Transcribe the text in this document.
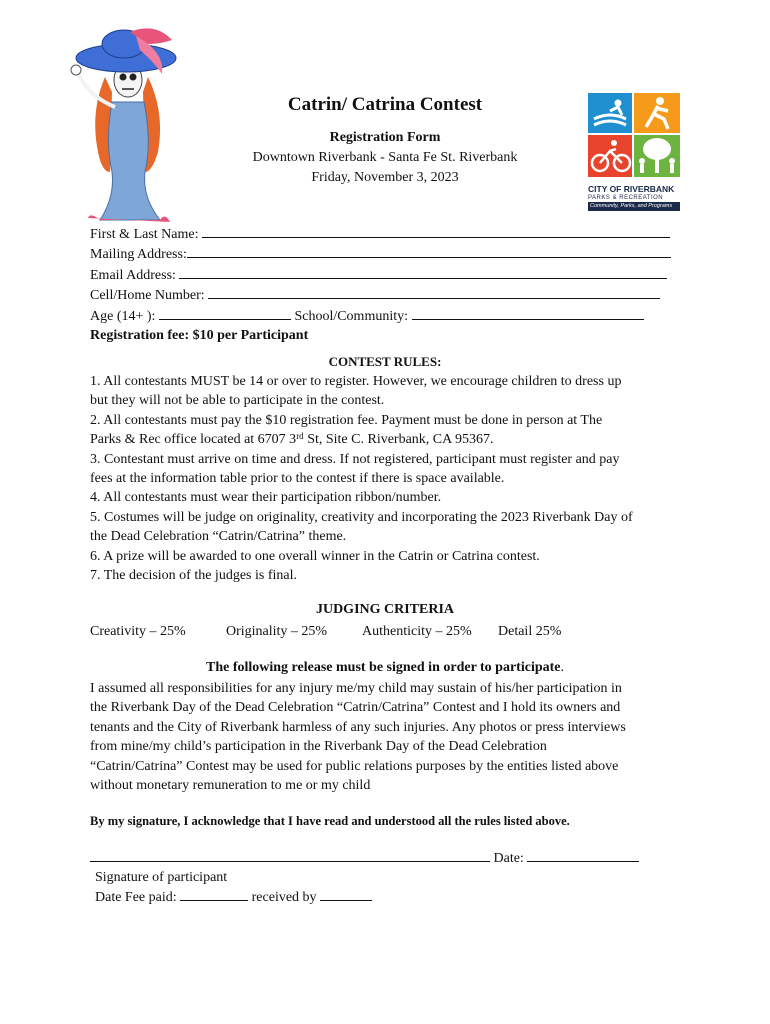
Catrin/ Catrina Contest
Registration Form
Downtown Riverbank - Santa Fe St. Riverbank
Friday, November 3, 2023
CITY OF RIVERBANK
PARKS & RECREATION
Community, Parks, and Programs
First & Last Name:
Mailing Address:
Email Address:
Cell/Home Number:
Age (14+ ):	School/Community:
Registration fee: $10 per Participant
CONTEST RULES:
1. All contestants MUST be 14 or over to register. However, we encourage children to dress up
but they will not be able to participate in the contest.
2. All contestants must pay the $10 registration fee. Payment must be done in person at The
Parks & Rec office located at 6707 3rd St, Site C. Riverbank, CA 95367.
3. Contestant must arrive on time and dress. If not registered, participant must register and pay
fees at the information table prior to the contest if there is space available.
4. All contestants must wear their participation ribbon/number.
5. Costumes will be judge on originality, creativity and incorporating the 2023 Riverbank Day of
the Dead Celebration “Catrin/Catrina” theme.
6. A prize will be awarded to one overall winner in the Catrin or Catrina contest.
7. The decision of the judges is final.
JUDGING CRITERIA
Creativity – 25%	Originality – 25% Authenticity – 25% Detail 25%
The following release must be signed in order to participate.
I assumed all responsibilities for any injury me/my child may sustain of his/her participation in
the Riverbank Day of the Dead Celebration “Catrin/Catrina” Contest and I hold its owners and
tenants and the City of Riverbank harmless of any such injuries. Any photos or press interviews
from mine/my child’s participation in the Riverbank Day of the Dead Celebration
“Catrin/Catrina” Contest may be used for public relations purposes by the entities listed above
without monetary remuneration to me or my child
By my signature, I acknowledge that I have read and understood all the rules listed above.
Date:
Signature of participant
Date Fee paid:	received by
